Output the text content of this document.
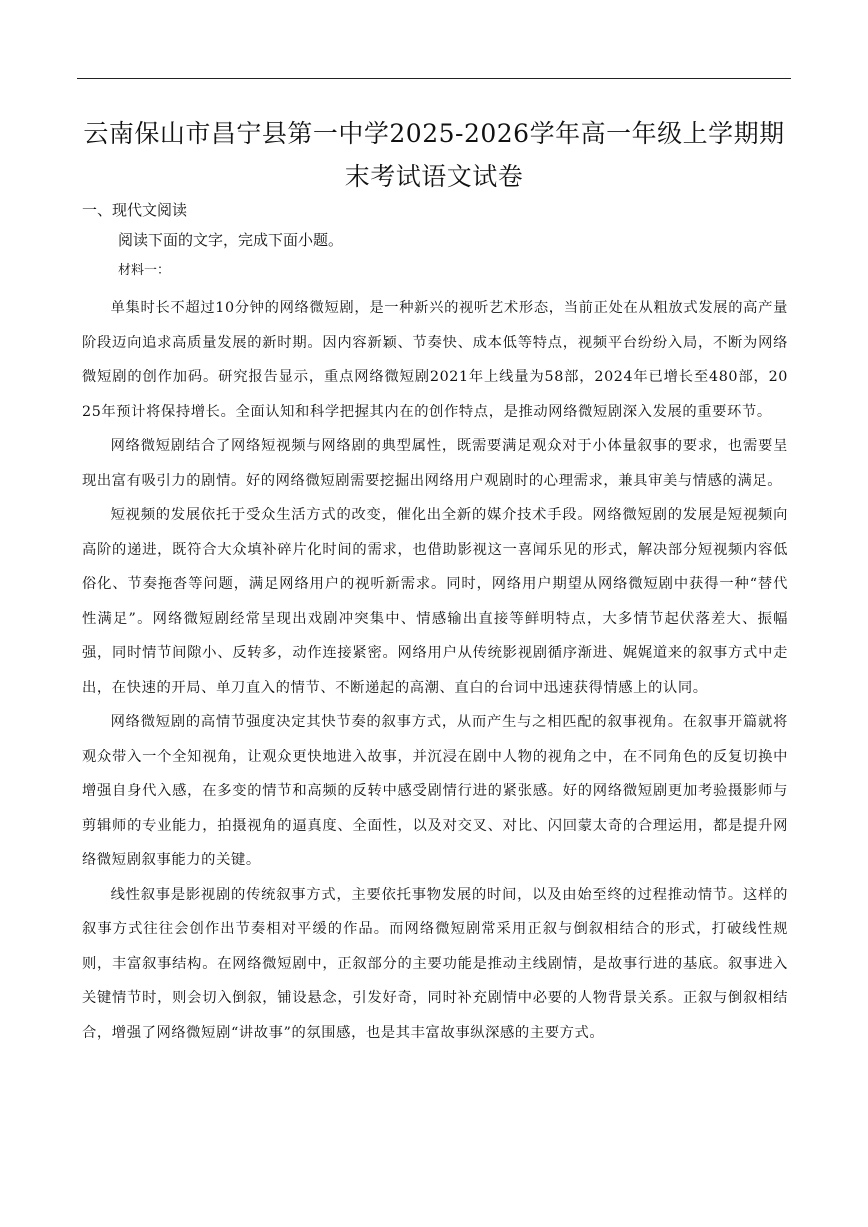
云南保山市昌宁县第一中学2025-2026学年高一年级上学期期末考试语文试卷
一、现代文阅读
阅读下面的文字，完成下面小题。
材料一：

单集时长不超过10分钟的网络微短剧，是一种新兴的视听艺术形态，当前正处在从粗放式发展的高产量阶段迈向追求高质量发展的新时期。因内容新颖、节奏快、成本低等特点，视频平台纷纷入局，不断为网络微短剧的创作加码。研究报告显示，重点网络微短剧2021年上线量为58部，2024年已增长至480部，2025年预计将保持增长。全面认知和科学把握其内在的创作特点，是推动网络微短剧深入发展的重要环节。

网络微短剧结合了网络短视频与网络剧的典型属性，既需要满足观众对于小体量叙事的要求，也需要呈现出富有吸引力的剧情。好的网络微短剧需要挖掘出网络用户观剧时的心理需求，兼具审美与情感的满足。

短视频的发展依托于受众生活方式的改变，催化出全新的媒介技术手段。网络微短剧的发展是短视频向高阶的递进，既符合大众填补碎片化时间的需求，也借助影视这一喜闻乐见的形式，解决部分短视频内容低俗化、节奏拖沓等问题，满足网络用户的视听新需求。同时，网络用户期望从网络微短剧中获得一种“替代性满足”。网络微短剧经常呈现出戏剧冲突集中、情感输出直接等鲜明特点，大多情节起伏落差大、振幅强，同时情节间隙小、反转多，动作连接紧密。网络用户从传统影视剧循序渐进、娓娓道来的叙事方式中走出，在快速的开局、单刀直入的情节、不断递起的高潮、直白的台词中迅速获得情感上的认同。

网络微短剧的高情节强度决定其快节奏的叙事方式，从而产生与之相匹配的叙事视角。在叙事开篇就将观众带入一个全知视角，让观众更快地进入故事，并沉浸在剧中人物的视角之中，在不同角色的反复切换中增强自身代入感，在多变的情节和高频的反转中感受剧情行进的紧张感。好的网络微短剧更加考验摄影师与剪辑师的专业能力，拍摄视角的逼真度、全面性，以及对交叉、对比、闪回蒙太奇的合理运用，都是提升网络微短剧叙事能力的关键。

线性叙事是影视剧的传统叙事方式，主要依托事物发展的时间，以及由始至终的过程推动情节。这样的叙事方式往往会创作出节奏相对平缓的作品。而网络微短剧常采用正叙与倒叙相结合的形式，打破线性规则，丰富叙事结构。在网络微短剧中，正叙部分的主要功能是推动主线剧情，是故事行进的基底。叙事进入关键情节时，则会切入倒叙，铺设悬念，引发好奇，同时补充剧情中必要的人物背景关系。正叙与倒叙相结合，增强了网络微短剧“讲故事”的氛围感，也是其丰富故事纵深感的主要方式。
